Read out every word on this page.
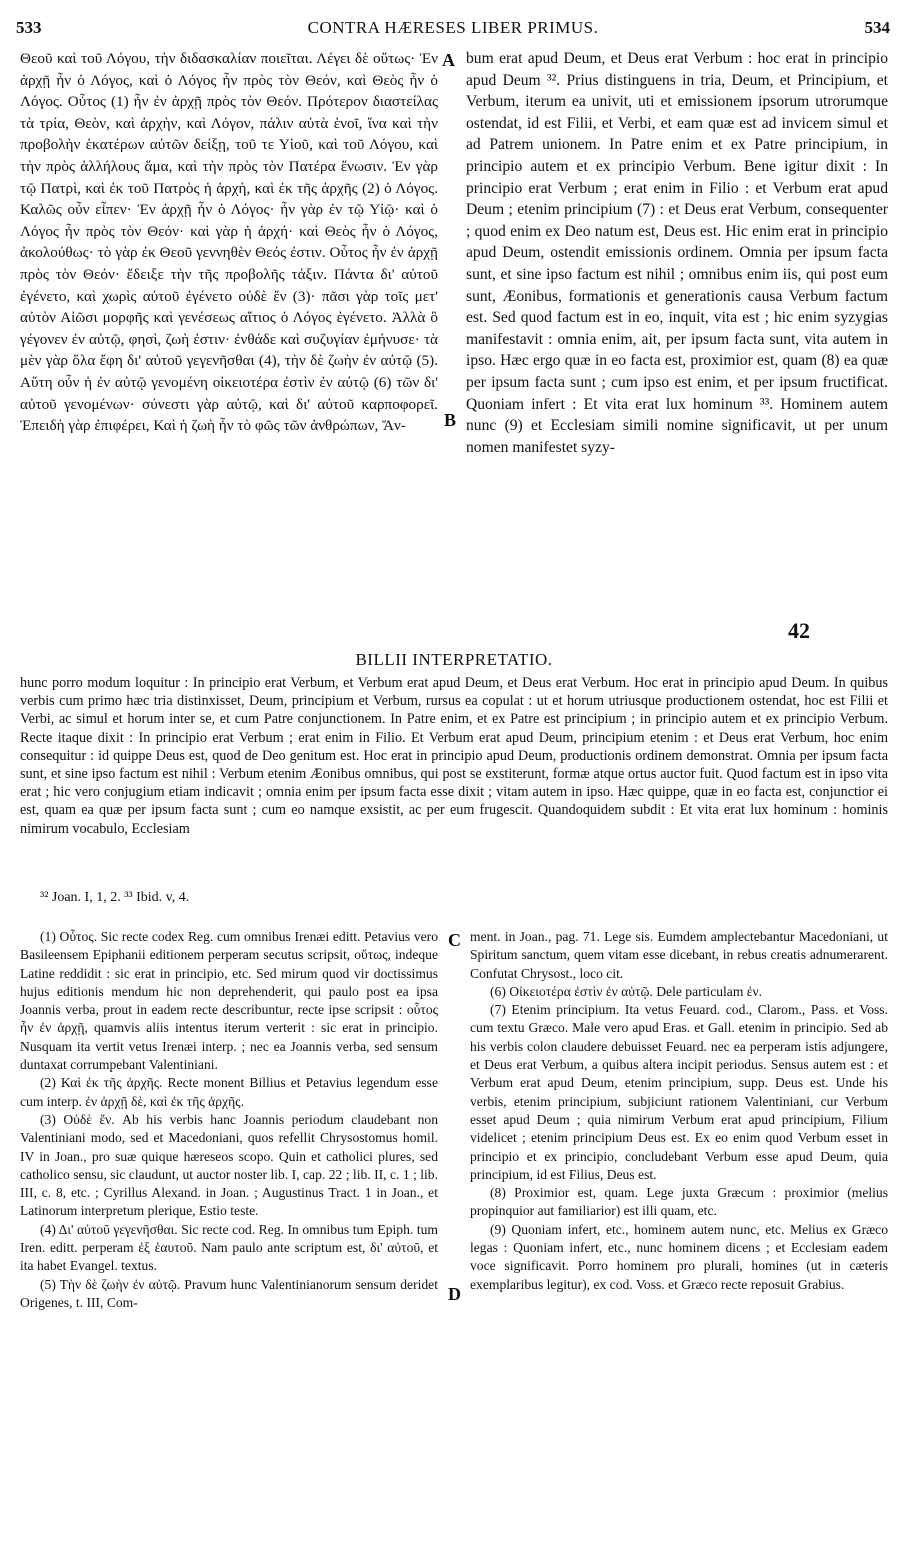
533	CONTRA HÆRESES LIBER PRIMUS.	534
Θεοῦ καὶ τοῦ Λόγου, τὴν διδασκαλίαν ποιεῖται. Λέγει δὲ οὕτως· Ἐν ἀρχῇ ἦν ὁ Λόγος, καὶ ὁ Λόγος ἦν πρὸς τὸν Θεόν, καὶ Θεὸς ἦν ὁ Λόγος. Οὗτος (1) ἦν ἐν ἀρχῇ πρὸς τὸν Θεόν. Πρότερον διαστείλας τὰ τρία, Θεὸν, καὶ ἀρχὴν, καὶ Λόγον, πάλιν αὐτὰ ἑνοῖ, ἵνα καὶ τὴν προβολὴν ἑκατέρων αὐτῶν δείξῃ, τοῦ τε Υἱοῦ, καὶ τοῦ Λόγου, καὶ τὴν πρὸς ἀλλήλους ἅμα, καὶ τὴν πρὸς τὸν Πατέρα ἕνωσιν. Ἐν γὰρ τῷ Πατρὶ, καὶ ἐκ τοῦ Πατρὸς ἡ ἀρχὴ, καὶ ἐκ τῆς ἀρχῆς (2) ὁ Λόγος. Καλῶς οὖν εἶπεν· Ἐν ἀρχῇ ἦν ὁ Λόγος· ἦν γὰρ ἐν τῷ Υἱῷ· καὶ ὁ Λόγος ἦν πρὸς τὸν Θεόν· καὶ γὰρ ἡ ἀρχή· καὶ Θεὸς ἦν ὁ Λόγος, ἀκολούθως· τὸ γὰρ ἐκ Θεοῦ γεννηθὲν Θεός ἐστιν. Οὗτος ἦν ἐν ἀρχῇ πρὸς τὸν Θεόν· ἔδειξε τὴν τῆς προβολῆς τάξιν. Πάντα δι' αὐτοῦ ἐγένετο, καὶ χωρὶς αὐτοῦ ἐγένετο οὐδὲ ἕν (3)· πᾶσι γὰρ τοῖς μετ' αὐτὸν Αἰῶσι μορφῆς καὶ γενέσεως αἴτιος ὁ Λόγος ἐγένετο. Ἀλλὰ ὃ γέγονεν ἐν αὐτῷ, φησὶ, ζωὴ ἐστιν· ἐνθάδε καὶ συζυγίαν ἐμήνυσε· τὰ μὲν γὰρ ὅλα ἔφη δι' αὐτοῦ γεγενῆσθαι (4), τὴν δὲ ζωὴν ἐν αὐτῷ (5). Αὕτη οὖν ἡ ἐν αὐτῷ γενομένη οἰκειοτέρα ἐστὶν ἐν αὐτῷ (6) τῶν δι' αὐτοῦ γενομένων· σύνεστι γὰρ αὐτῷ, καὶ δι' αὐτοῦ καρποφορεῖ. Ἐπειδὴ γὰρ ἐπιφέρει, Καὶ ἡ ζωὴ ἦν τὸ φῶς τῶν ἀνθρώπων, Ἄν-
bum erat apud Deum, et Deus erat Verbum : hoc erat in principio apud Deum ³². Prius distinguens in tria, Deum, et Principium, et Verbum, iterum ea univit, uti et emissionem ipsorum utrorumque ostendat, id est Filii, et Verbi, et eam quæ est ad invicem simul et ad Patrem unionem. In Patre enim et ex Patre principium, in principio autem et ex principio Verbum. Bene igitur dixit : In principio erat Verbum ; erat enim in Filio : et Verbum erat apud Deum ; etenim principium (7) : et Deus erat Verbum, consequenter ; quod enim ex Deo natum est, Deus est. Hic enim erat in principio apud Deum, ostendit emissionis ordinem. Omnia per ipsum facta sunt, et sine ipso factum est nihil ; omnibus enim iis, qui post eum sunt, Æonibus, formationis et generationis causa Verbum factum est. Sed quod factum est in eo, inquit, vita est ; hic enim syzygias manifestavit : omnia enim, ait, per ipsum facta sunt, vita autem in ipso. Hæc ergo quæ in eo facta est, proximior est, quam (8) ea quæ per ipsum facta sunt ; cum ipso est enim, et per ipsum fructificat. Quoniam infert : Et vita erat lux hominum ³³. Hominem autem nunc (9) et Ecclesiam simili nomine significavit, ut per unum nomen manifestet syzy-
A
B
C
D
42
BILLII INTERPRETATIO.
hunc porro modum loquitur : In principio erat Verbum, et Verbum erat apud Deum, et Deus erat Verbum. Hoc erat in principio apud Deum. In quibus verbis cum primo hæc tria distinxisset, Deum, principium et Verbum, rursus ea copulat : ut et horum utriusque productionem ostendat, hoc est Filii et Verbi, ac simul et horum inter se, et cum Patre conjunctionem. In Patre enim, et ex Patre est principium ; in principio autem et ex principio Verbum. Recte itaque dixit : In principio erat Verbum ; erat enim in Filio. Et Verbum erat apud Deum, principium etenim : et Deus erat Verbum, hoc enim consequitur : id quippe Deus est, quod de Deo genitum est. Hoc erat in principio apud Deum, productionis ordinem demonstrat. Omnia per ipsum facta sunt, et sine ipso factum est nihil : Verbum etenim Æonibus omnibus, qui post se exstiterunt, formæ atque ortus auctor fuit. Quod factum est in ipso vita erat ; hic vero conjugium etiam indicavit ; omnia enim per ipsum facta esse dixit ; vitam autem in ipso. Hæc quippe, quæ in eo facta est, conjunctior ei est, quam ea quæ per ipsum facta sunt ; cum eo namque exsistit, ac per eum frugescit. Quandoquidem subdit : Et vita erat lux hominum : hominis nimirum vocabulo, Ecclesiam
³² Joan. I, 1, 2. ³³ Ibid. v, 4.

(1) Οὗτος. Sic recte codex Reg. cum omnibus Irenæi editt. Petavius vero Basileensem Epiphanii editionem perperam secutus scripsit, οὕτως, indeque Latine reddidit : sic erat in principio, etc. Sed mirum quod vir doctissimus hujus editionis mendum hic non deprehenderit, qui paulo post ea ipsa Joannis verba, prout in eadem recte describuntur, recte ipse scripsit : οὗτος ἦν ἐν ἀρχῇ, quamvis aliis intentus iterum verterit : sic erat in principio. Nusquam ita vertit vetus Irenæi interp. ; nec ea Joannis verba, sed sensum duntaxat corrumpebant Valentiniani.

(2) Καὶ ἐκ τῆς ἀρχῆς. Recte monent Billius et Petavius legendum esse cum interp. ἐν ἀρχῇ δὲ, καὶ ἐκ τῆς ἀρχῆς.

(3) Οὐδὲ ἕν. Ab his verbis hanc Joannis periodum claudebant non Valentiniani modo, sed et Macedoniani, quos refellit Chrysostomus homil. IV in Joan., pro suæ quique hæreseos scopo. Quin et catholici plures, sed catholico sensu, sic claudunt, ut auctor noster lib. I, cap. 22 ; lib. II, c. 1 ; lib. III, c. 8, etc. ; Cyrillus Alexand. in Joan. ; Augustinus Tract. 1 in Joan., et Latinorum interpretum plerique, Estio teste.

(4) Δι' αὐτοῦ γεγενῆσθαι. Sic recte cod. Reg. In omnibus tum Epiph. tum Iren. editt. perperam ἐξ ἑαυτοῦ. Nam paulo ante scriptum est, δι' αὐτοῦ, et ita habet Evangel. textus.

(5) Τὴν δὲ ζωὴν ἐν αὐτῷ. Pravum hunc Valentinianorum sensum deridet Origenes, t. III, Com-

ment. in Joan., pag. 71. Lege sis. Eumdem amplectebantur Macedoniani, ut Spiritum sanctum, quem vitam esse dicebant, in rebus creatis adnumerarent. Confutat Chrysost., loco cit.

(6) Οἰκειοτέρα ἐστὶν ἐν αὐτῷ. Dele particulam ἐν.

(7) Etenim principium. Ita vetus Feuard. cod., Clarom., Pass. et Voss. cum textu Græco. Male vero apud Eras. et Gall. etenim in principio. Sed ab his verbis colon claudere debuisset Feuard. nec ea perperam istis adjungere, et Deus erat Verbum, a quibus altera incipit periodus. Sensus autem est : et Verbum erat apud Deum, etenim principium, supp. Deus est. Unde his verbis, etenim principium, subjiciunt rationem Valentiniani, cur Verbum esset apud Deum ; quia nimirum Verbum erat apud principium, Filium videlicet ; etenim principium Deus est. Ex eo enim quod Verbum esset in principio et ex principio, concludebant Verbum esse apud Deum, quia principium, id est Filius, Deus est.

(8) Proximior est, quam. Lege juxta Græcum : proximior (melius propinquior aut familiarior) est illi quam, etc.

(9) Quoniam infert, etc., hominem autem nunc, etc. Melius ex Græco legas : Quoniam infert, etc., nunc hominem dicens ; et Ecclesiam eadem voce significavit. Porro hominem pro plurali, homines (ut in cæteris exemplaribus legitur), ex cod. Voss. et Græco recte reposuit Grabius.
